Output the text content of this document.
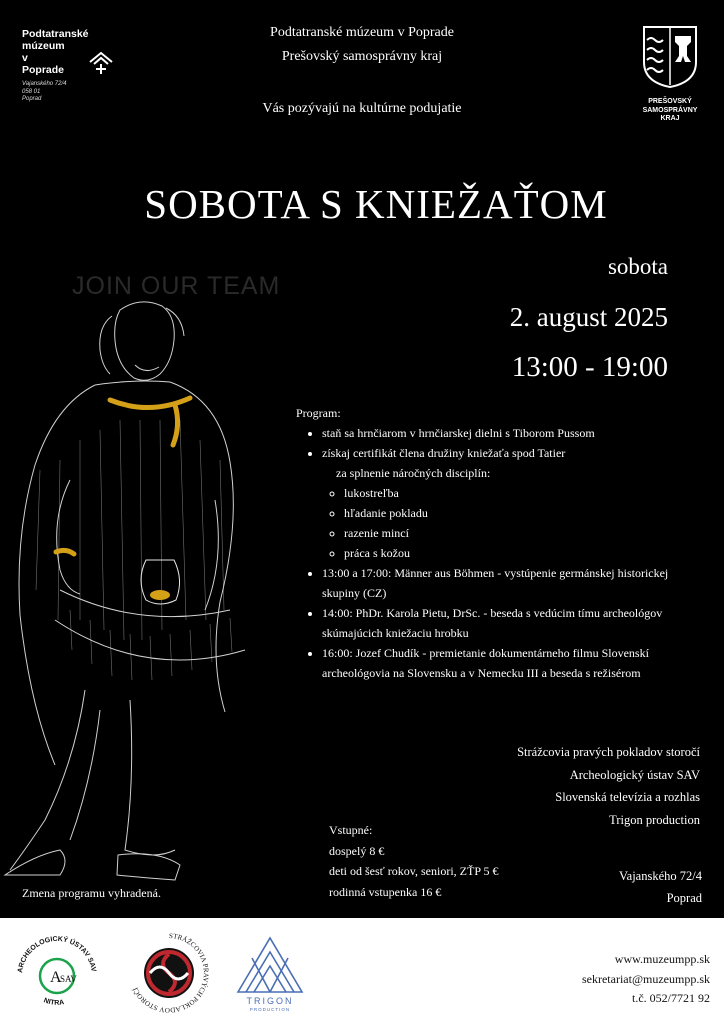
Podtatranské
múzeum
v
Poprade
Vajanského 72/4
058 01
Poprad
Podtatranské múzeum v Poprade
Prešovský samosprávny kraj
Vás pozývajú na kultúrne podujatie	PREŠOVSKÝ
SAMOSPRÁVNY
KRAJ
SOBOTA S KNIEŽAŤOM
JOIN OUR TEAM
sobota
2. august 2025
13:00 - 19:00
Program:
• staň sa hrnčiarom v hrnčiarskej dielni s Tiborom Pussom
• získaj certifikát člena družiny kniežaťa spod Tatier
za splnenie náročných disciplín:
◦ lukostreľba
◦ hľadanie pokladu
◦ razenie mincí
◦ práca s kožou
• 13:00 a 17:00: Männer aus Böhmen - vystúpenie germánskej historickej skupiny (CZ)
• 14:00: PhDr. Karola Pietu, DrSc. - beseda s vedúcim tímu archeológov skúmajúcich kniežaciu hrobku
• 16:00: Jozef Chudík - premietanie dokumentárneho filmu Slovenskí archeológovia na Slovensku a v Nemecku III a beseda s režisérom
Strážcovia pravých pokladov storočí
Archeologický ústav SAV
Slovenská televízia a rozhlas
Trigon production
Vstupné:
dospelý 8 €
deti od šesť rokov, seniori, ZŤP 5 €
rodinná vstupenka 16 €
Vajanského 72/4
Poprad
Zmena programu vyhradená.
ARCHEOLOGICKÝ ÚSTAV SAV
NITRA
A
SAV
STRÁŽCOVIA PRAVÝCH POKLADOV STOROČÍ
TRIGON
PRODUCTION
www.muzeumpp.sk
sekretariat@muzeumpp.sk
t.č. 052/7721 92
